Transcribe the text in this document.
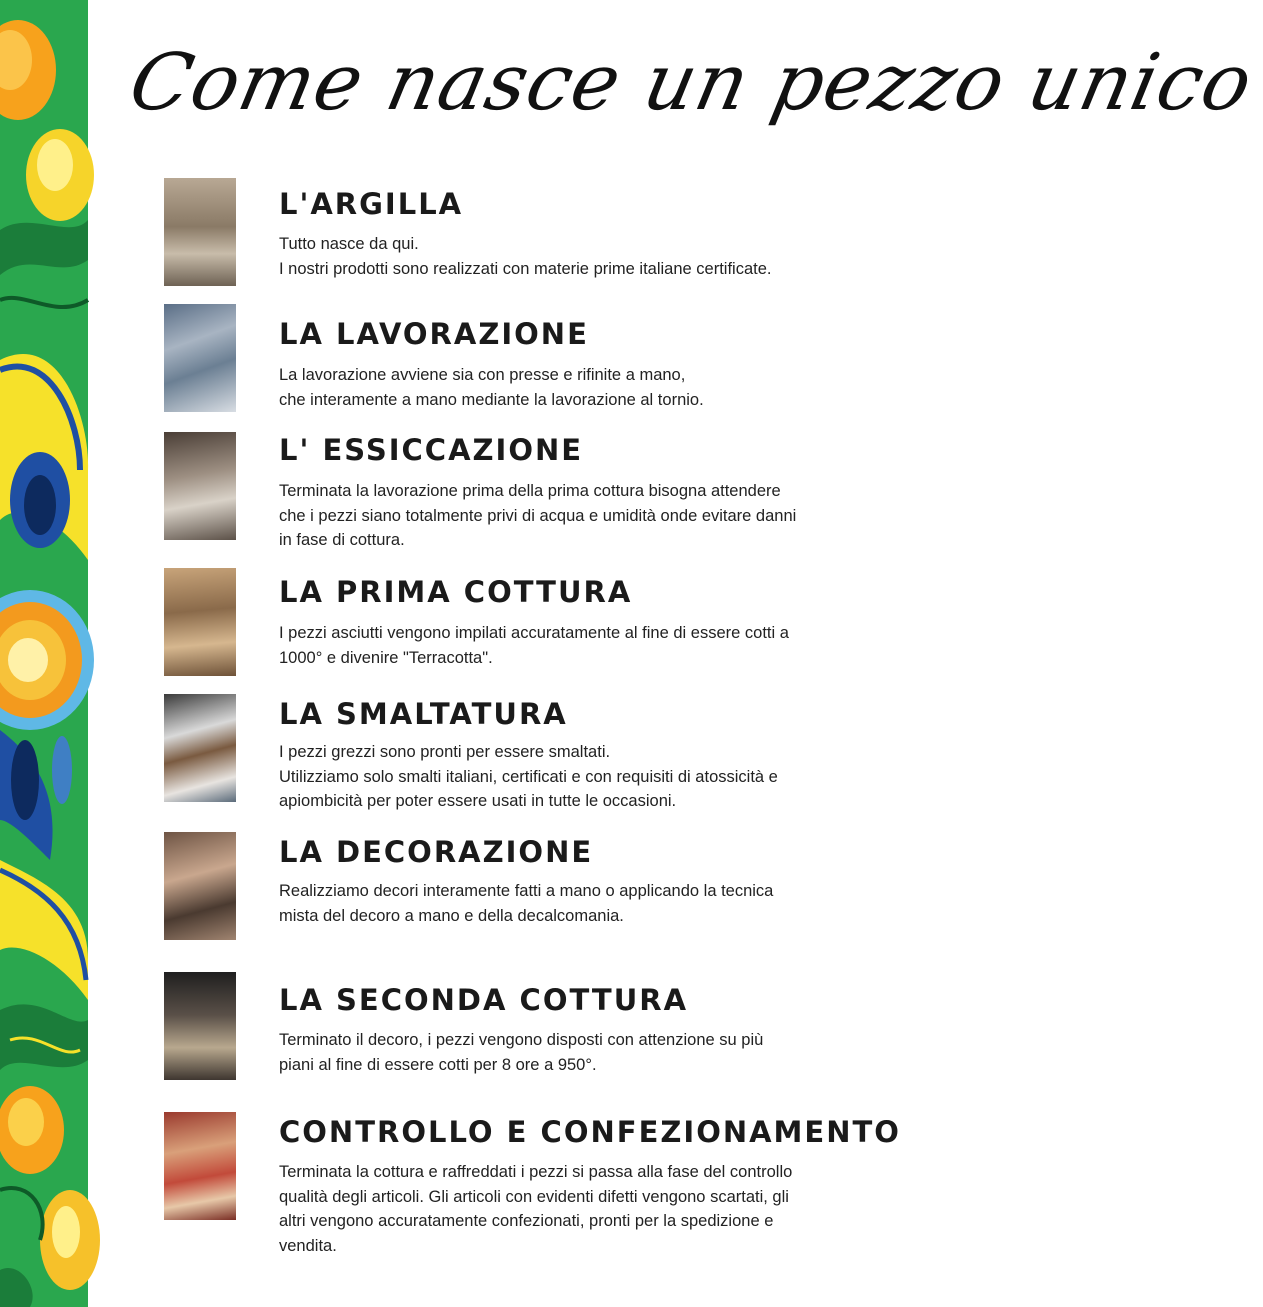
Come nasce un pezzo unico
L'ARGILLA
Tutto nasce da qui.
I nostri prodotti sono realizzati con materie prime italiane certificate.
LA LAVORAZIONE
La lavorazione avviene sia con presse e rifinite a mano,
che interamente a mano mediante la lavorazione al tornio.
L' ESSICCAZIONE
Terminata la lavorazione prima della prima cottura bisogna attendere
che i pezzi siano totalmente privi di acqua e umidità onde evitare danni
in fase di cottura.
LA PRIMA COTTURA
I pezzi asciutti vengono impilati accuratamente al fine di essere cotti a
1000° e divenire "Terracotta".
LA SMALTATURA
I pezzi grezzi sono pronti per essere smaltati.
Utilizziamo solo smalti italiani, certificati e con requisiti di atossicità e
apiombicità per poter essere usati in tutte le occasioni.
LA DECORAZIONE
Realizziamo decori interamente fatti a mano o applicando la tecnica
mista del decoro a mano e della decalcomania.
LA SECONDA COTTURA
Terminato il decoro, i pezzi vengono disposti con attenzione su più
piani al fine di essere cotti per 8 ore a 950°.
CONTROLLO E CONFEZIONAMENTO
Terminata la cottura e raffreddati i pezzi si passa alla fase del controllo
qualità degli articoli. Gli articoli con evidenti difetti vengono scartati, gli
altri vengono accuratamente confezionati, pronti per la spedizione e
vendita.
